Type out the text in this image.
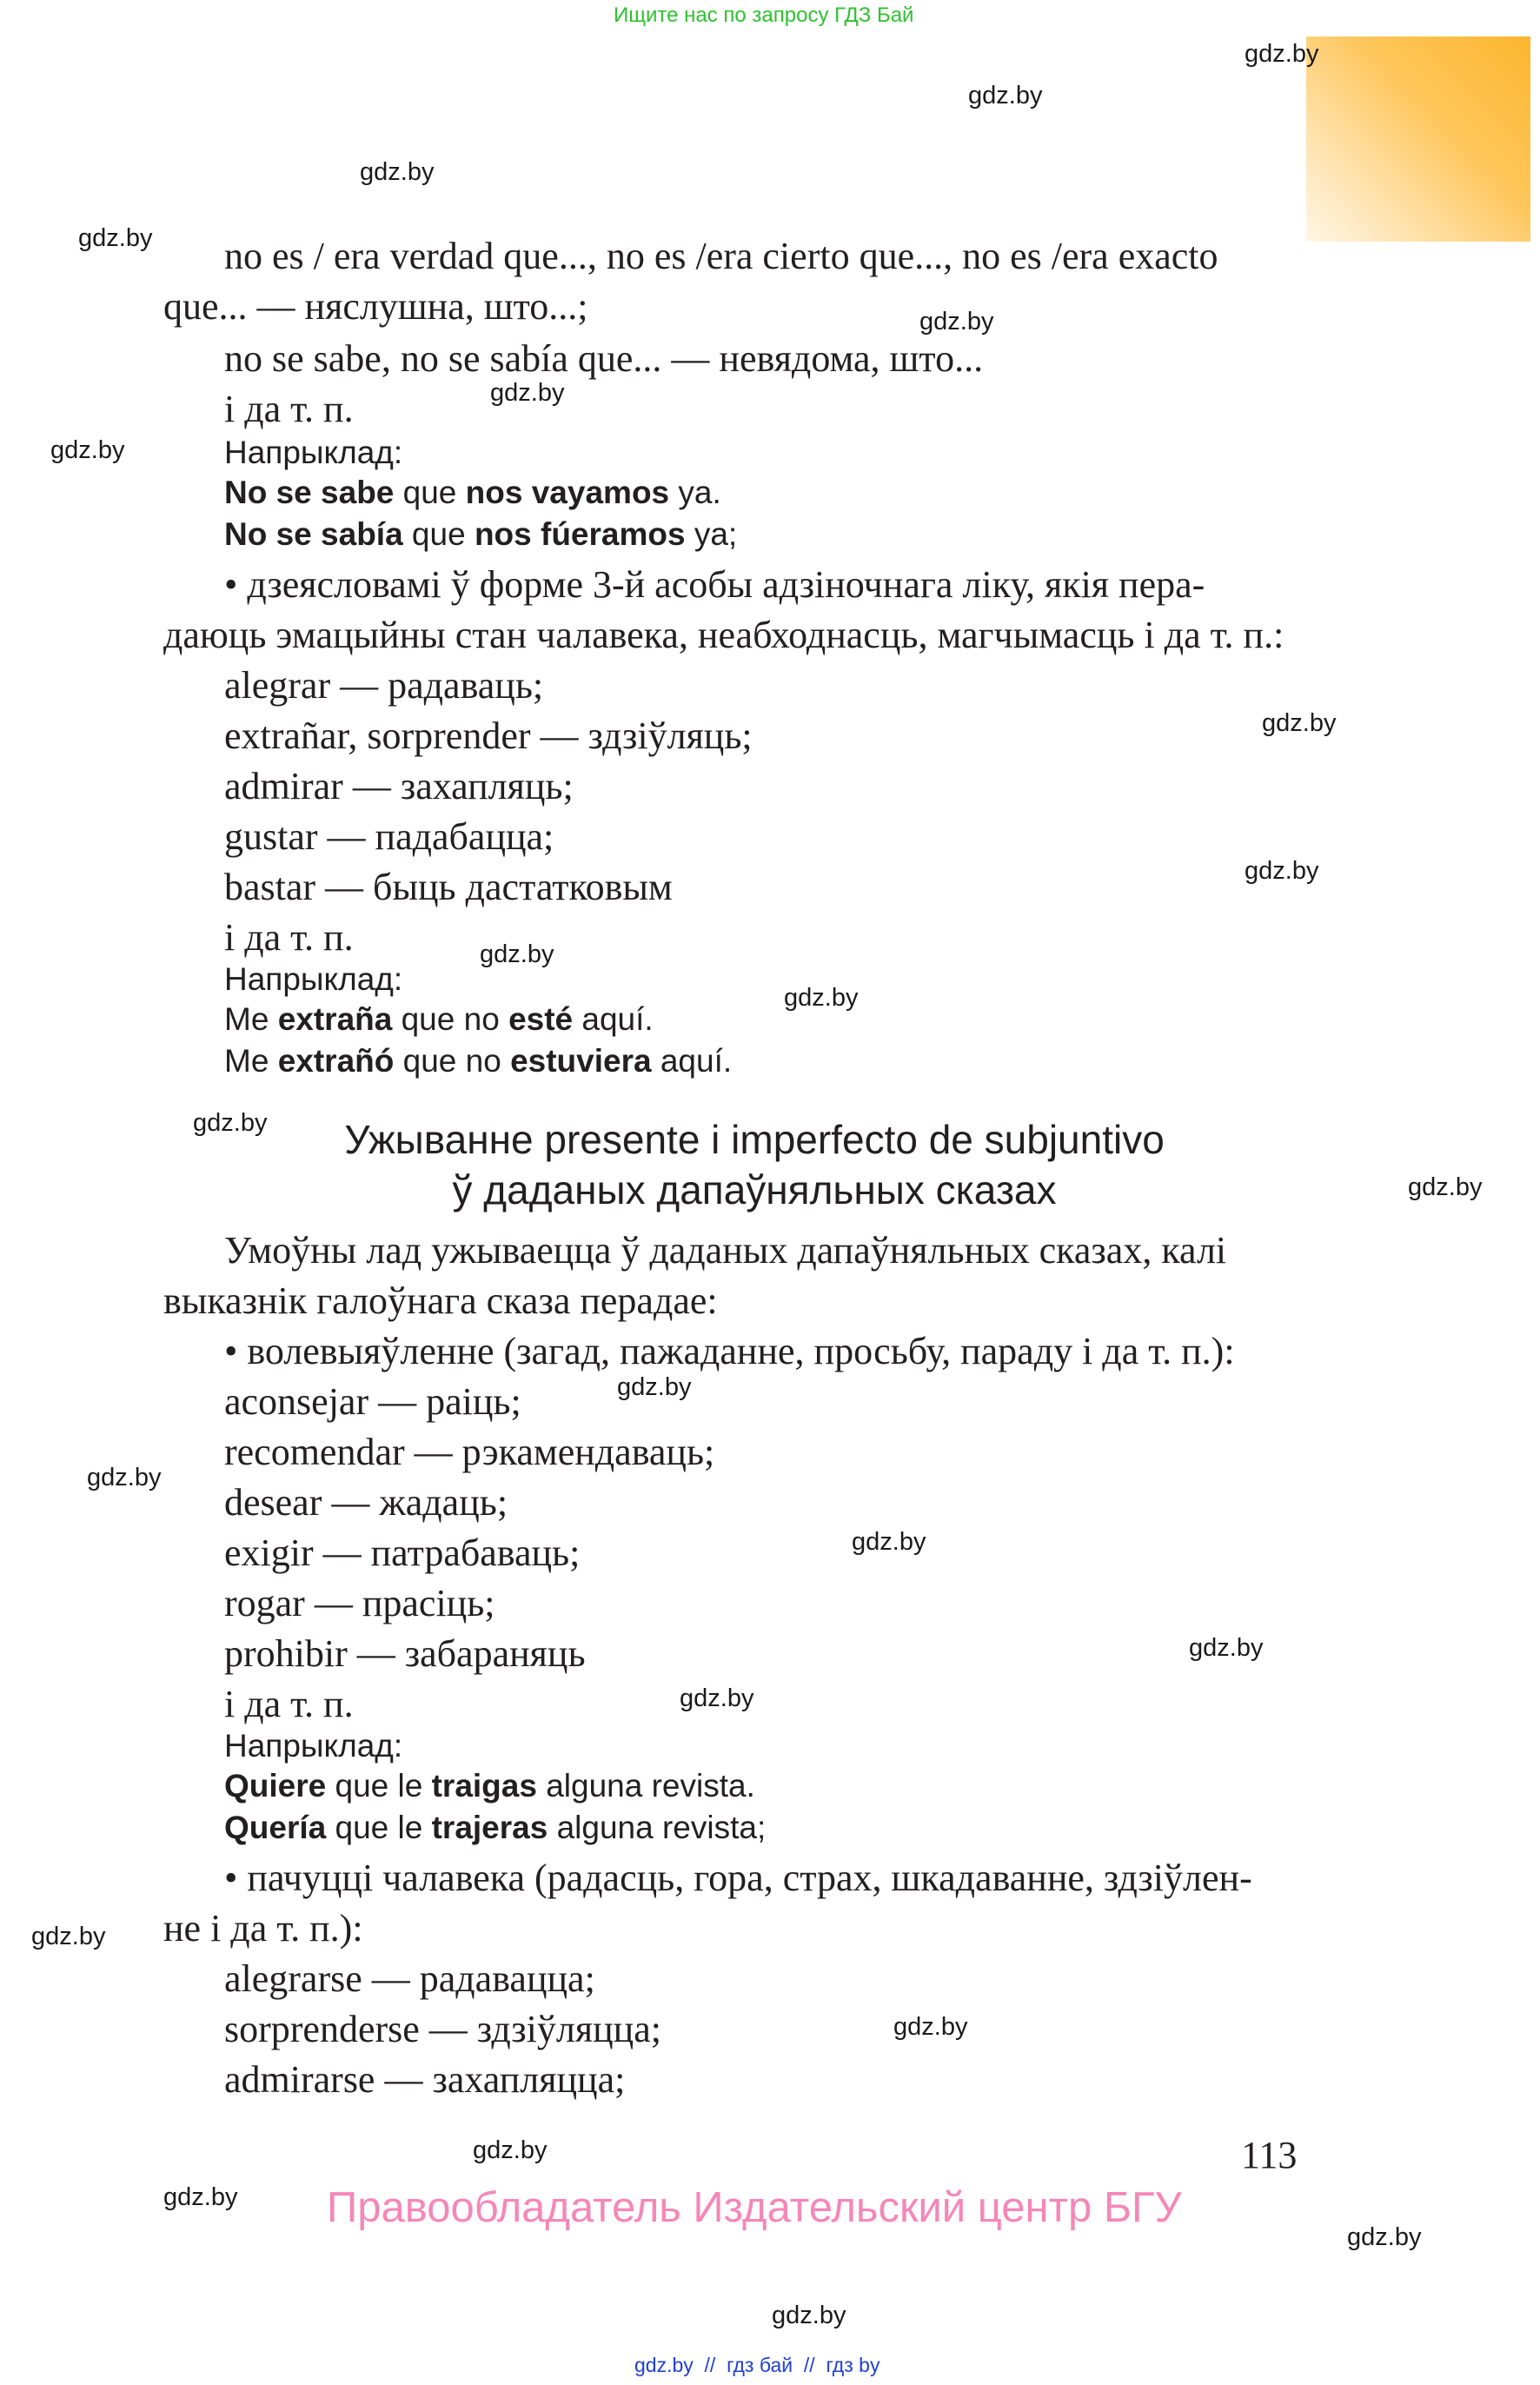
Ищите нас по запросу ГДЗ Бай
gdz.by
gdz.by
gdz.by
gdz.by
gdz.by
gdz.by
gdz.by
gdz.by
gdz.by
gdz.by
gdz.by
gdz.by
gdz.by
gdz.by
gdz.by
gdz.by
gdz.by
gdz.by
gdz.by
gdz.by
gdz.by
gdz.by
gdz.by
gdz.by
no es / era verdad que..., no es /era cierto que..., no es /era exacto
que... — няслушна, што...;
no se sabe, no se sabía que... — невядома, што...
і да т. п.
Напрыклад:
No se sabe que nos vayamos ya.
No se sabía que nos fúeramos ya;
• дзеясловамі ў форме 3-й асобы адзіночнага ліку, якія пера-
даюць эмацыйны стан чалавека, неабходнасць, магчымасць і да т. п.:
alegrar — радаваць;
extrañar, sorprender — здзіўляць;
admirar — захапляць;
gustar — падабацца;
bastar — быць дастатковым
і да т. п.
Напрыклад:
Me extraña que no esté aquí.
Me extrañó que no estuviera aquí.
Ужыванне presente і imperfecto de subjuntivo
ў даданых дапаўняльных сказах
Умоўны лад ужываецца ў даданых дапаўняльных сказах, калі
выказнік галоўнага сказа перадае:
• волевыяўленне (загад, пажаданне, просьбу, параду і да т. п.):
aconsejar — раіць;
recomendar — рэкамендаваць;
desear — жадаць;
exigir — патрабаваць;
rogar — прасіць;
prohibir — забараняць
і да т. п.
Напрыклад:
Quiere que le traigas alguna revista.
Quería que le trajeras alguna revista;
• пачуцці чалавека (радасць, гора, страх, шкадаванне, здзіўлен-
не і да т. п.):
alegrarse — радавацца;
sorprenderse — здзіўляцца;
admirarse — захапляцца;
113
Правообладатель Издательский центр БГУ
gdz.by  //  гдз бай  //  гдз by
